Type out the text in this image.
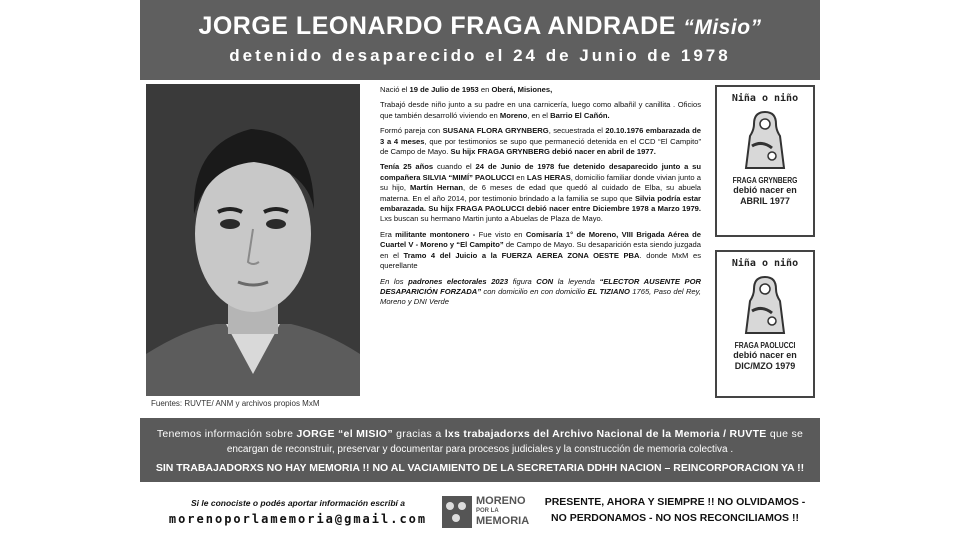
JORGE LEONARDO FRAGA ANDRADE “Misio”
detenido desaparecido el 24 de Junio de 1978
Fuentes: RUVTE/ ANM y archivos propios MxM

Nació el 19 de Julio de 1953 en Oberá, Misiones,

Trabajó desde niño junto a su padre en una carnicería, luego como albañil y canillita . Oficios que también desarrolló viviendo en Moreno, en el Barrio El Cañón.

Formó pareja con SUSANA FLORA GRYNBERG, secuestrada el 20.10.1976 embarazada de 3 a 4 meses, que por testimonios se supo que permaneció detenida en el CCD “El Campito” de Campo de Mayo. Su hijx FRAGA GRYNBERG debió nacer en abril de 1977.

Tenía 25 años cuando el 24 de Junio de 1978 fue detenido desaparecido junto a su compañera SILVIA “MIMÍ” PAOLUCCI en LAS HERAS, domicilio familiar donde vivian junto a su hijo, Martín Hernan, de 6 meses de edad que quedó al cuidado de Elba, su abuela materna. En el año 2014, por testimonio brindado a la familia se supo que Silvia podría estar embarazada. Su hijx FRAGA PAOLUCCI debió nacer entre Diciembre 1978 a Marzo 1979. Lxs buscan su hermano Martin junto a Abuelas de Plaza de Mayo.

Era militante montonero - Fue visto en Comisaría 1° de Moreno, VIII Brigada Aérea de Cuartel V - Moreno y “El Campito” de Campo de Mayo. Su desaparición esta siendo juzgada en el Tramo 4 del Juicio a la FUERZA AEREA ZONA OESTE PBA. donde MxM es querellante

En los padrones electorales 2023 figura CON la leyenda “ELECTOR AUSENTE POR DESAPARICIÓN FORZADA” con domicilio en con domicilio EL TIZIANO 1765, Paso del Rey, Moreno y DNI Verde

Niña o niño
FRAGA GRYNBERG
debió nacer en
ABRIL 1977
Niña o niño
FRAGA PAOLUCCI
debió nacer en
DIC/MZO 1979
Tenemos información sobre JORGE “el MISIO” gracias a lxs trabajadorxs del Archivo Nacional de la Memoria / RUVTE que se
encargan de reconstruir, preservar y documentar para procesos judiciales y la construcción de memoria colectiva .
SIN TRABAJADORXS NO HAY MEMORIA !! NO AL VACIAMIENTO DE LA SECRETARIA DDHH NACION – REINCORPORACION YA !!
Si le conociste o podés aportar información escribí a
morenoporlamemoria@gmail.com
MORENO
POR LA
MEMORIA
PRESENTE, AHORA Y SIEMPRE !! NO OLVIDAMOS -
NO PERDONAMOS - NO NOS RECONCILIAMOS !!
